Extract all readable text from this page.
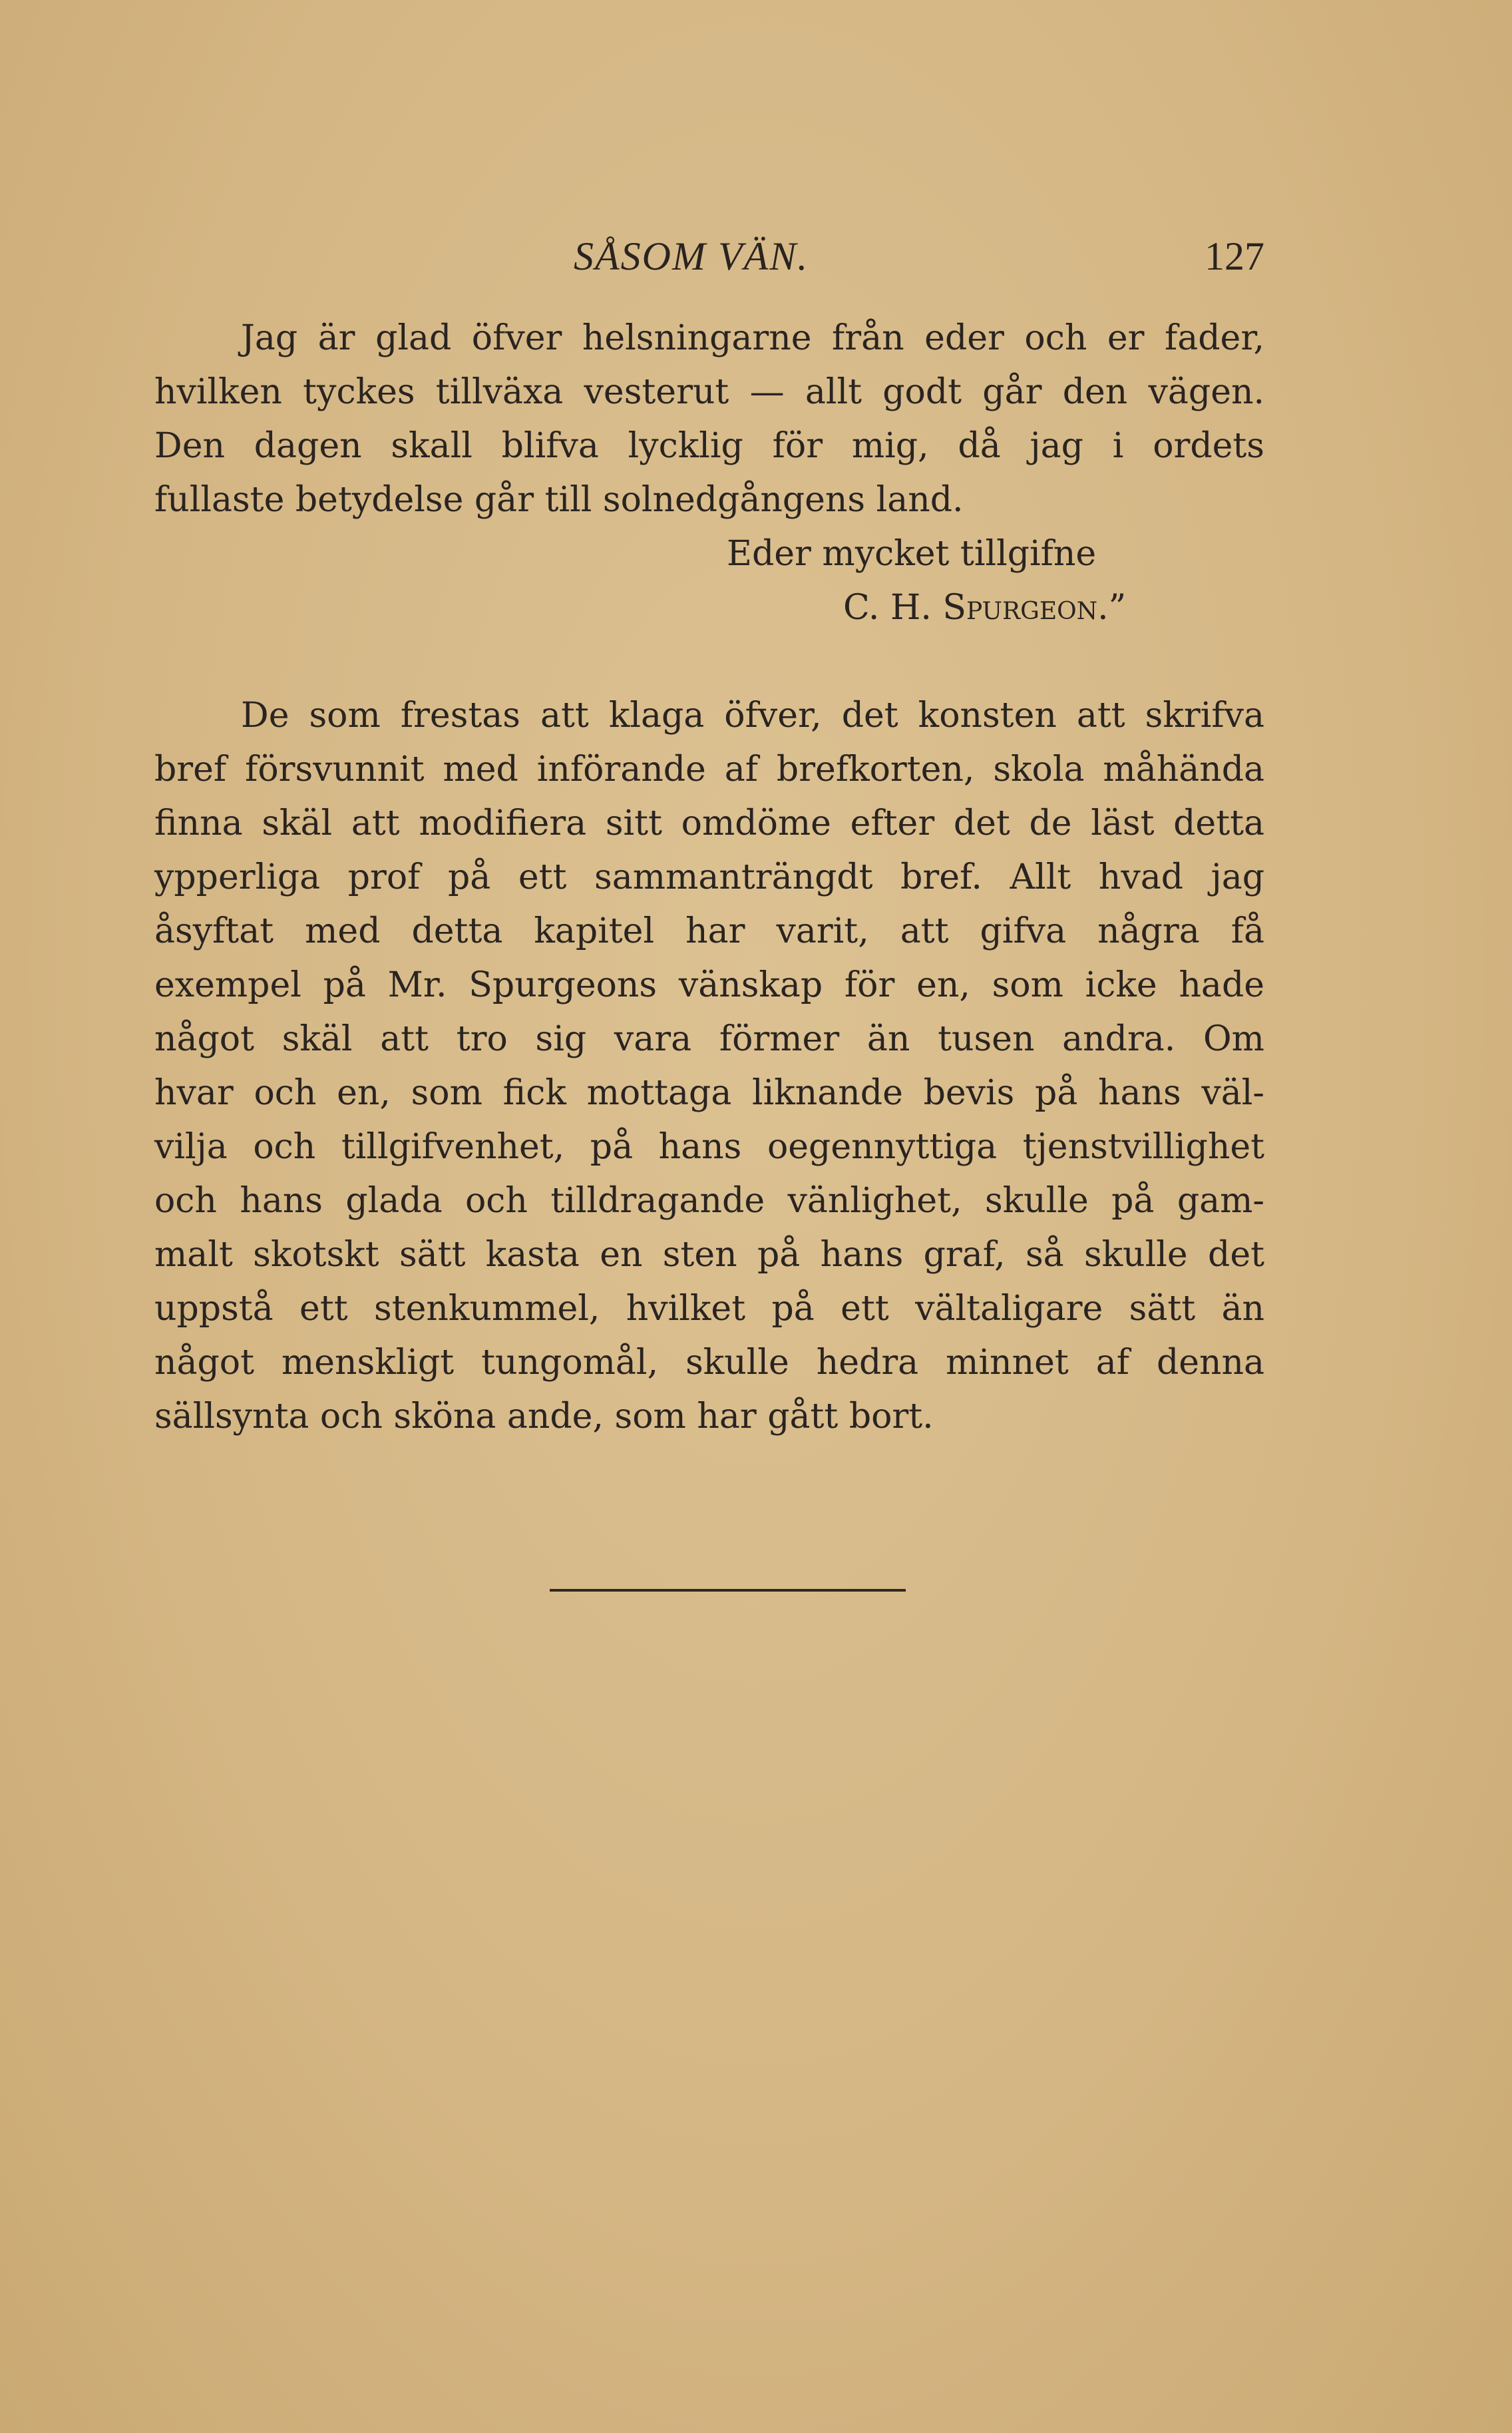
SÅSOM VÄN.	127
Jag är glad öfver helsningarne från eder och er fader,
hvilken tyckes tillväxa vesterut — allt godt går den vägen.
Den dagen skall blifva lycklig för mig, då jag i ordets
fullaste betydelse går till solnedgångens land.
Eder mycket tillgifne
C. H. Spurgeon.”
De som frestas att klaga öfver, det konsten att skrifva
bref försvunnit med införande af brefkorten, skola måhända
finna skäl att modifiera sitt omdöme efter det de läst detta
ypperliga prof på ett sammanträngdt bref. Allt hvad jag
åsyftat med detta kapitel har varit, att gifva några få
exempel på Mr. Spurgeons vänskap för en, som icke hade
något skäl att tro sig vara förmer än tusen andra. Om
hvar och en, som fick mottaga liknande bevis på hans väl-
vilja och tillgifvenhet, på hans oegennyttiga tjenstvillighet
och hans glada och tilldragande vänlighet, skulle på gam-
malt skotskt sätt kasta en sten på hans graf, så skulle det
uppstå ett stenkummel, hvilket på ett vältaligare sätt än
något menskligt tungomål, skulle hedra minnet af denna
sällsynta och sköna ande, som har gått bort.
